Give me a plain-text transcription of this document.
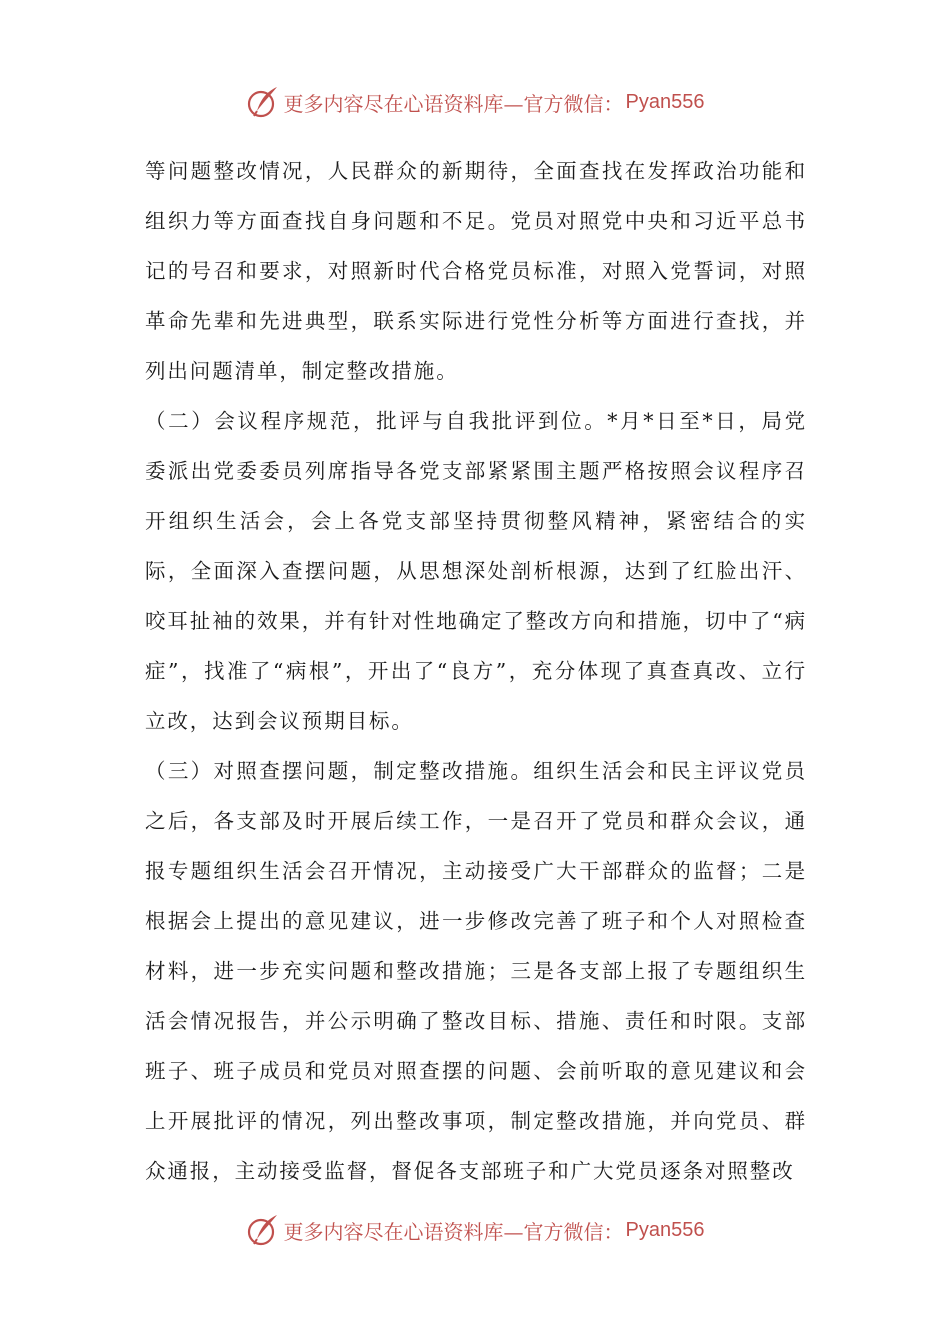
更多内容尽在心语资料库—官方微信： Pyan556

等问题整改情况，人民群众的新期待，全面查找在发挥政治功能和组织力等方面查找自身问题和不足。党员对照党中央和习近平总书记的号召和要求，对照新时代合格党员标准，对照入党誓词，对照革命先辈和先进典型，联系实际进行党性分析等方面进行查找，并列出问题清单，制定整改措施。

（二）会议程序规范，批评与自我批评到位。*月*日至*日，局党委派出党委委员列席指导各党支部紧紧围主题严格按照会议程序召开组织生活会，会上各党支部坚持贯彻整风精神，紧密结合的实际，全面深入查摆问题，从思想深处剖析根源，达到了红脸出汗、咬耳扯袖的效果，并有针对性地确定了整改方向和措施，切中了“病症”，找准了“病根”，开出了“良方”，充分体现了真查真改、立行立改，达到会议预期目标。

（三）对照查摆问题，制定整改措施。组织生活会和民主评议党员之后，各支部及时开展后续工作，一是召开了党员和群众会议，通报专题组织生活会召开情况，主动接受广大干部群众的监督；二是根据会上提出的意见建议，进一步修改完善了班子和个人对照检查材料，进一步充实问题和整改措施；三是各支部上报了专题组织生活会情况报告，并公示明确了整改目标、措施、责任和时限。支部班子、班子成员和党员对照查摆的问题、会前听取的意见建议和会上开展批评的情况，列出整改事项，制定整改措施，并向党员、群众通报，主动接受监督，督促各支部班子和广大党员逐条对照整改

更多内容尽在心语资料库—官方微信： Pyan556
